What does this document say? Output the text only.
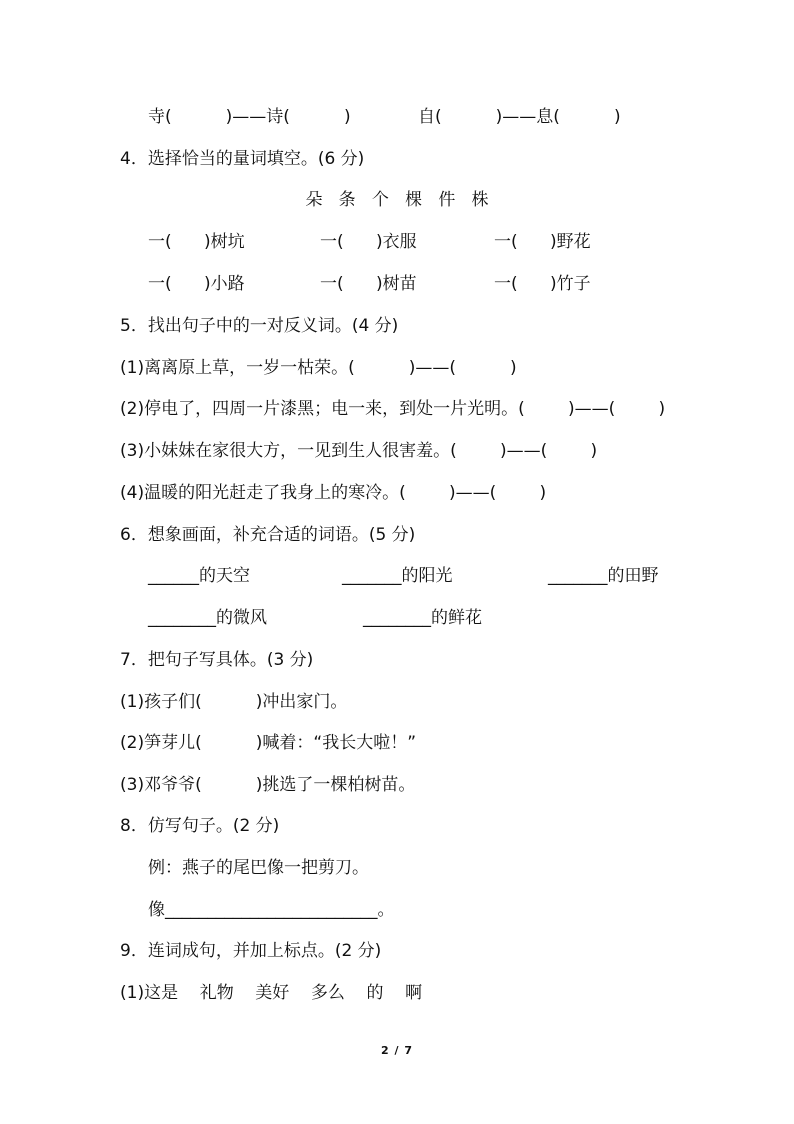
寺(          )——诗(          )	自(          )——息(          )
4．选择恰当的量词填空。(6 分)
朵   条   个   棵   件   株
一(      )树坑	一(      )衣服	一(      )野花
一(      )小路	一(      )树苗	一(      )竹子
5．找出句子中的一对反义词。(4 分)
(1)离离原上草，一岁一枯荣。(          )——(          )
(2)停电了，四周一片漆黑；电一来，到处一片光明。(        )——(        )
(3)小妹妹在家很大方，一见到生人很害羞。(        )——(        )
(4)温暖的阳光赶走了我身上的寒冷。(        )——(        )
6．想象画面，补充合适的词语。(5 分)
______的天空	_______的阳光	_______的田野
________的微风	________的鲜花
7．把句子写具体。(3 分)
(1)孩子们(          )冲出家门。
(2)笋芽儿(          )喊着：“我长大啦！”
(3)邓爷爷(          )挑选了一棵柏树苗。
8．仿写句子。(2 分)
例：燕子的尾巴像一把剪刀。
像_________________________。
9．连词成句，并加上标点。(2 分)
(1)这是    礼物    美好    多么    的    啊
2 / 7
